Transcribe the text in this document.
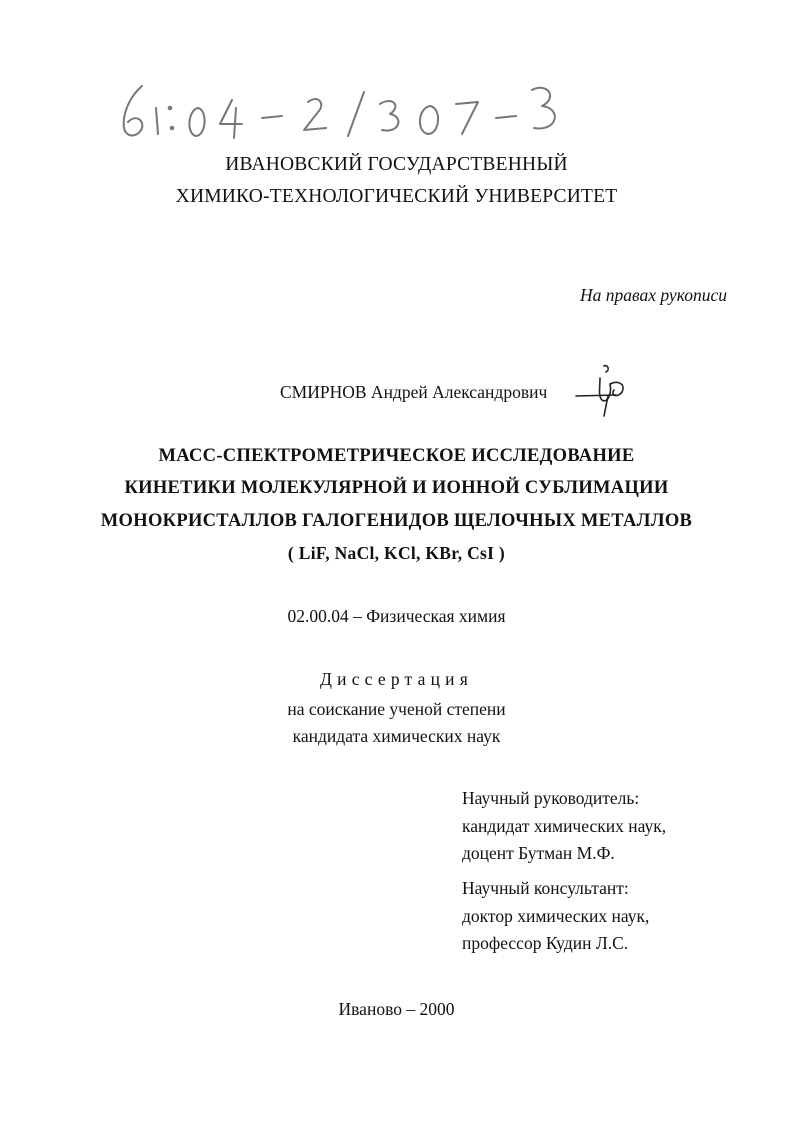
ИВАНОВСКИЙ ГОСУДАРСТВЕННЫЙ
ХИМИКО-ТЕХНОЛОГИЧЕСКИЙ УНИВЕРСИТЕТ
На правах рукописи
СМИРНОВ Андрей Александрович
МАСС-СПЕКТРОМЕТРИЧЕСКОЕ ИССЛЕДОВАНИЕ
КИНЕТИКИ МОЛЕКУЛЯРНОЙ И ИОННОЙ СУБЛИМАЦИИ
МОНОКРИСТАЛЛОВ ГАЛОГЕНИДОВ ЩЕЛОЧНЫХ МЕТАЛЛОВ
( LiF, NaCl, KCl, KBr, CsI )
02.00.04 – Физическая химия
Диссертация
на соискание ученой степени
кандидата химических наук
Научный руководитель:
кандидат химических наук,
доцент Бутман М.Ф.
Научный консультант:
доктор химических наук,
профессор Кудин Л.С.
Иваново – 2000
